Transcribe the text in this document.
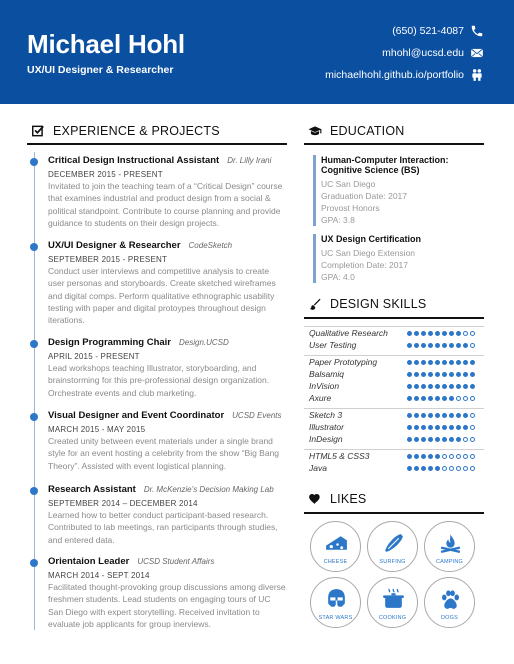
Michael Hohl
UX/UI Designer & Researcher
(650) 521-4087
mhohl@ucsd.edu
michaelhohl.github.io/portfolio
EXPERIENCE & PROJECTS
Critical Design Instructional Assistant Dr. Lilly Irani
DECEMBER 2015 - PRESENT
Invitated to join the teaching team of a “Critical Design” course that examines industrial and product design from a social & political standpoint. Contribute to course planning and provide guidance to students on their design projects.
UX/UI Designer & Researcher CodeSketch
SEPTEMBER 2015 - PRESENT
Conduct user interviews and competitive analysis to create user personas and storyboards. Create sketched wireframes and digital comps. Perform qualitative ethnographic usability testing with paper and digital protoypes throughout design iterations.
Design Programming Chair Design.UCSD
APRIL 2015 - PRESENT
Lead workshops teaching Illustrator, storyboarding, and brainstorming for this pre-professional design organization. Orchestrate events and club marketing.
Visual Designer and Event Coordinator UCSD Events
MARCH 2015 - MAY 2015
Created unity between event materials under a single brand style for an event hosting a celebrity from the show “Big Bang Theory”. Assisted with event logistical planning.
Research Assistant Dr. McKenzie’s Decision Making Lab
SEPTEMBER 2014 – DECEMBER 2014
Learned how to better conduct participant-based research. Contributed to lab meetings, ran participants through studies, and entered data.
Orientaion Leader UCSD Student Affairs
MARCH 2014 - SEPT 2014
Facilitated thought-provoking group discussions among diverse freshmen students. Lead students on engaging tours of UC San Diego with expert storytelling. Received invitation to evaluate job applicants for group inerviews.
EDUCATION
Human-Computer Interaction: Cognitive Science (BS)
UC San Diego
Graduation Date: 2017
Provost Honors
GPA: 3.8
UX Design Certification
UC San Diego Extension
Completion Date: 2017
GPA: 4.0
DESIGN SKILLS
Qualitative Research
User Testing
Paper Prototyping
Balsamiq
InVision
Axure
Sketch 3
Illustrator
InDesign
HTML5 & CSS3
Java
LIKES
CHEESE	SURFING	CAMPING
STAR WARS	COOKING	DOGS
